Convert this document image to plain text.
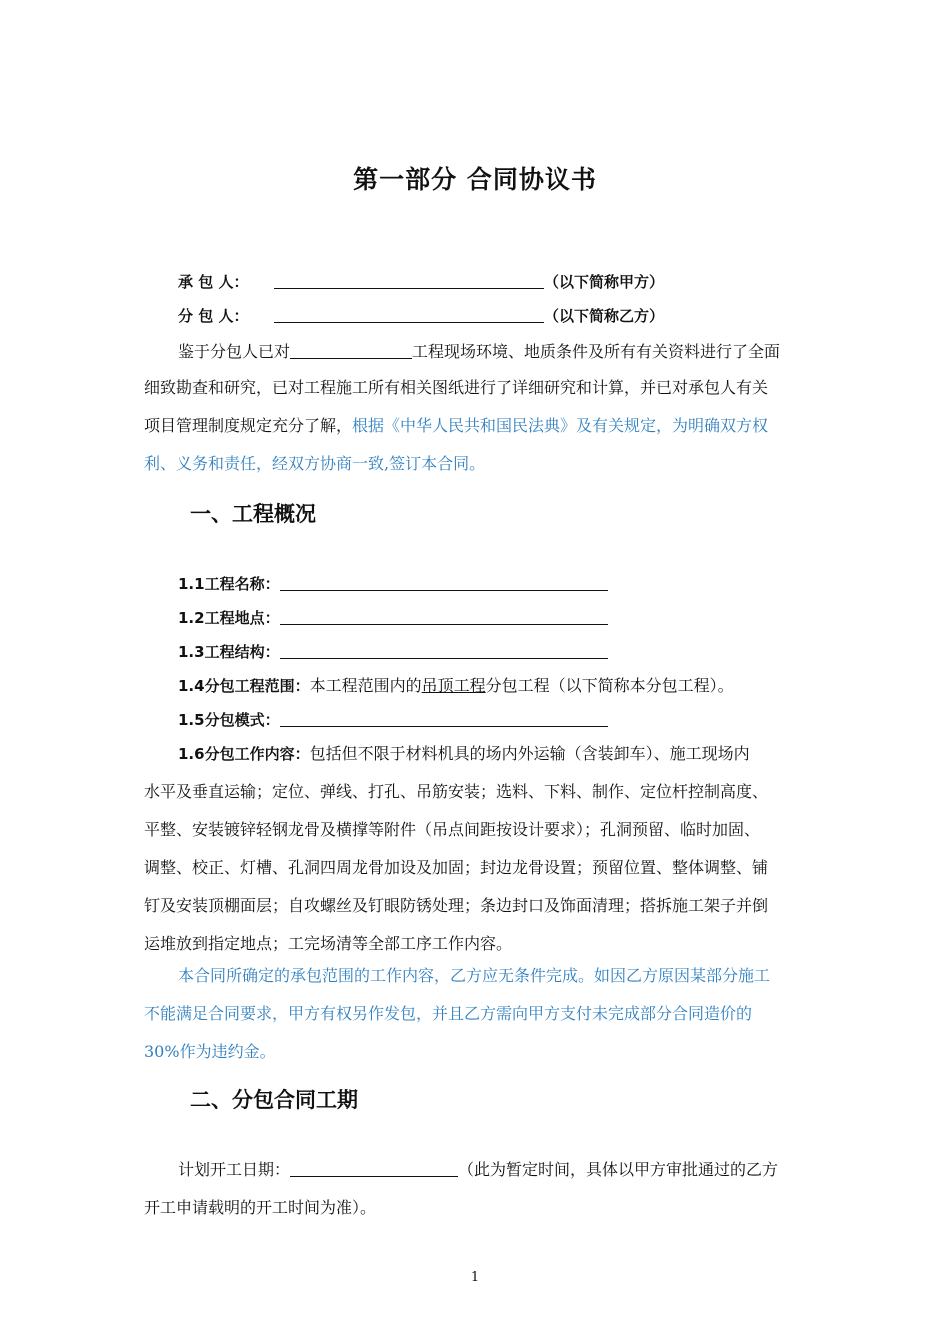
第一部分 合同协议书
承 包 人：	（以下简称甲方）
分 包 人：	（以下简称乙方）
鉴于分包人已对	工程现场环境、地质条件及所有有关资料进行了全面
细致勘查和研究，已对工程施工所有相关图纸进行了详细研究和计算，并已对承包人有关
项目管理制度规定充分了解，根据《中华人民共和国民法典》及有关规定，为明确双方权
利、义务和责任，经双方协商一致,签订本合同。
一、工程概况
1.1工程名称：
1.2工程地点：
1.3工程结构：
1.4分包工程范围：本工程范围内的吊顶工程分包工程（以下简称本分包工程）。
1.5分包模式：
1.6分包工作内容：包括但不限于材料机具的场内外运输（含装卸车）、施工现场内
水平及垂直运输；定位、弹线、打孔、吊筋安装；选料、下料、制作、定位杆控制高度、
平整、安装镀锌轻钢龙骨及横撑等附件（吊点间距按设计要求）；孔洞预留、临时加固、
调整、校正、灯槽、孔洞四周龙骨加设及加固；封边龙骨设置；预留位置、整体调整、铺
钉及安装顶棚面层；自攻螺丝及钉眼防锈处理；条边封口及饰面清理；搭拆施工架子并倒
运堆放到指定地点；工完场清等全部工序工作内容。
本合同所确定的承包范围的工作内容，乙方应无条件完成。如因乙方原因某部分施工
不能满足合同要求，甲方有权另作发包，并且乙方需向甲方支付未完成部分合同造价的
30%作为违约金。
二、分包合同工期
计划开工日期：	（此为暂定时间，具体以甲方审批通过的乙方
开工申请载明的开工时间为准）。
1
